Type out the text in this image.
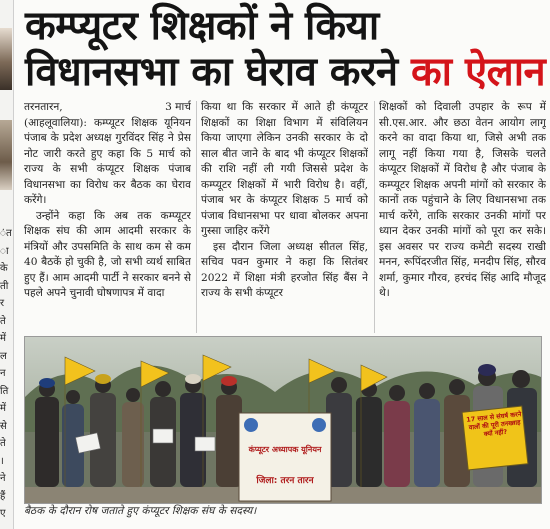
ंत
ा
के
ती
र
ते
में
ल
न
ति
में
से
ते
।
ने
हैं
ए
कम्प्यूटर शिक्षकों ने किया
विधानसभा का घेराव करने का ऐलान
तरनतारन,	3 मार्च

(आहलूवालिया): कम्प्यूटर शिक्षक यूनियन पंजाब के प्रदेश अध्यक्ष गुरविंदर सिंह ने प्रेस नोट जारी करते हुए कहा कि 5 मार्च को राज्य के सभी कंप्यूटर शिक्षक पंजाब विधानसभा का विरोध कर बैठक का घेराव करेंगे।

उन्होंने कहा कि अब तक कम्प्यूटर शिक्षक संघ की आम आदमी सरकार के मंत्रियों और उपसमिति के साथ कम से कम 40 बैठकें हो चुकी है, जो सभी व्यर्थ साबित हुए हैं। आम आदमी पार्टी ने सरकार बनने से पहले अपने चुनावी घोषणापत्र में वादा

किया था कि सरकार में आते ही कंप्यूटर शिक्षकों का शिक्षा विभाग में संविलियन किया जाएगा लेकिन उनकी सरकार के दो साल बीत जाने के बाद भी कंप्यूटर शिक्षकों की राशि नहीं ली गयी जिससे प्रदेश के कम्प्यूटर शिक्षकों में भारी विरोध है। वहीं, पंजाब भर के कंप्यूटर शिक्षक 5 मार्च को पंजाब विधानसभा पर धावा बोलकर अपना गुस्सा जाहिर करेंगे

इस दौरान जिला अध्यक्ष सीतल सिंह, सचिव पवन कुमार ने कहा कि सितंबर 2022 में शिक्षा मंत्री हरजोत सिंह बैंस ने राज्य के सभी कंप्यूटर

शिक्षकों को दिवाली उपहार के रूप में सी.एस.आर. और छठा वेतन आयोग लागू करने का वादा किया था, जिसे अभी तक लागू नहीं किया गया है, जिसके चलते कंप्यूटर शिक्षकों में विरोध है और पंजाब के कम्प्यूटर शिक्षक अपनी मांगों को सरकार के कानों तक पहुंचाने के लिए विधानसभा तक मार्च करेंगे, ताकि सरकार उनकी मांगों पर ध्यान देकर उनकी मांगों को पूरा कर सके। इस अवसर पर राज्य कमेटी सदस्य राखी मनन, रूपिंदरजीत सिंह, मनदीप सिंह, सौरव शर्मा, कुमार गौरव, हरचंद सिंह आदि मौजूद थे।

कंप्यूटर अध्यापक यूनियन
जिला: तरन तारन
17 साल से संघर्ष करने वालों की पूरी तनख्वाह क्यों नहीं?

बैठक के दौरान रोष जताते हुए कंप्यूटर शिक्षक संघ के सदस्य।
